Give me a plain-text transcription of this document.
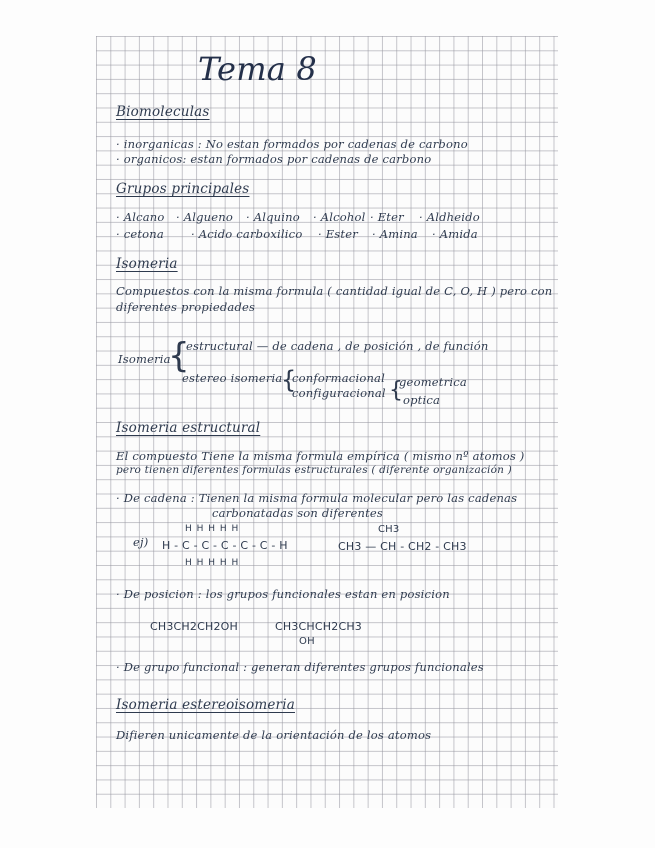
Tema 8
Biomoleculas
· inorganicas : No estan formados por cadenas de carbono
· organicos: estan formados por cadenas de carbono
Grupos principales
· Alcano · Algueno · Alquino · Alcohol · Eter · Aldheido
· cetona · Acido carboxilico · Ester · Amina · Amida
Isomeria
Compuestos con la misma formula ( cantidad igual de C, O, H ) pero con
diferentes propiedades
Isomeria
{
estructural — de cadena , de posición , de función
estereo isomeria
{
conformacional
configuracional {
geometrica
optica
Isomeria estructural
El compuesto Tiene la misma formula empírica ( mismo nº atomos )
pero tienen diferentes formulas estructurales ( diferente organización )
· De cadena : Tienen la misma formula molecular pero las cadenas
carbonatadas son diferentes
ej)
H H H H H
H - C - C - C - C - C - H
H H H H H
CH3
CH3 — CH - CH2 - CH3
· De posicion : los grupos funcionales estan en posicion
CH3CH2CH2OH	CH3CHCH2CH3
OH
· De grupo funcional : generan diferentes grupos funcionales
Isomeria estereoisomeria
Difieren unicamente de la orientación de los atomos
